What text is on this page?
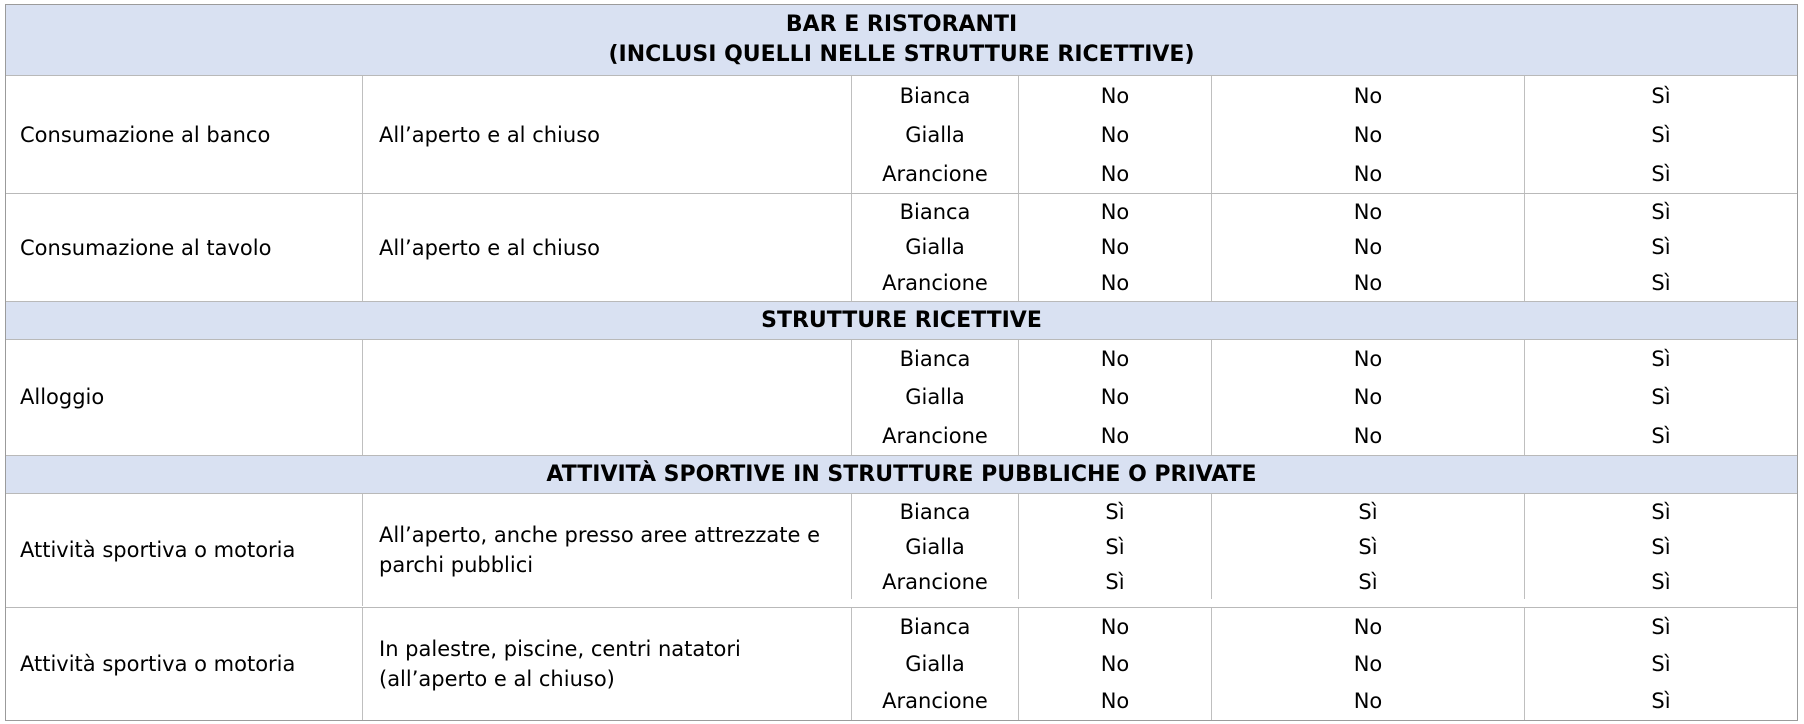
BAR E RISTORANTI
(INCLUSI QUELLI NELLE STRUTTURE RICETTIVE)
Consumazione al banco	All’aperto e al chiuso
Bianca	No	No	Sì
Gialla	No	No	Sì
Arancione	No	No	Sì
Consumazione al tavolo	All’aperto e al chiuso
Bianca	No	No	Sì
Gialla	No	No	Sì
Arancione	No	No	Sì
STRUTTURE RICETTIVE
Alloggio
Bianca	No	No	Sì
Gialla	No	No	Sì
Arancione	No	No	Sì
ATTIVITÀ SPORTIVE IN STRUTTURE PUBBLICHE O PRIVATE
Attività sportiva o motoria
All’aperto, anche presso aree attrezzate e parchi pubblici
Bianca	Sì	Sì	Sì
Gialla	Sì	Sì	Sì
Arancione	Sì	Sì	Sì
Attività sportiva o motoria
In palestre, piscine, centri natatori (all’aperto e al chiuso)
Bianca	No	No	Sì
Gialla	No	No	Sì
Arancione	No	No	Sì
